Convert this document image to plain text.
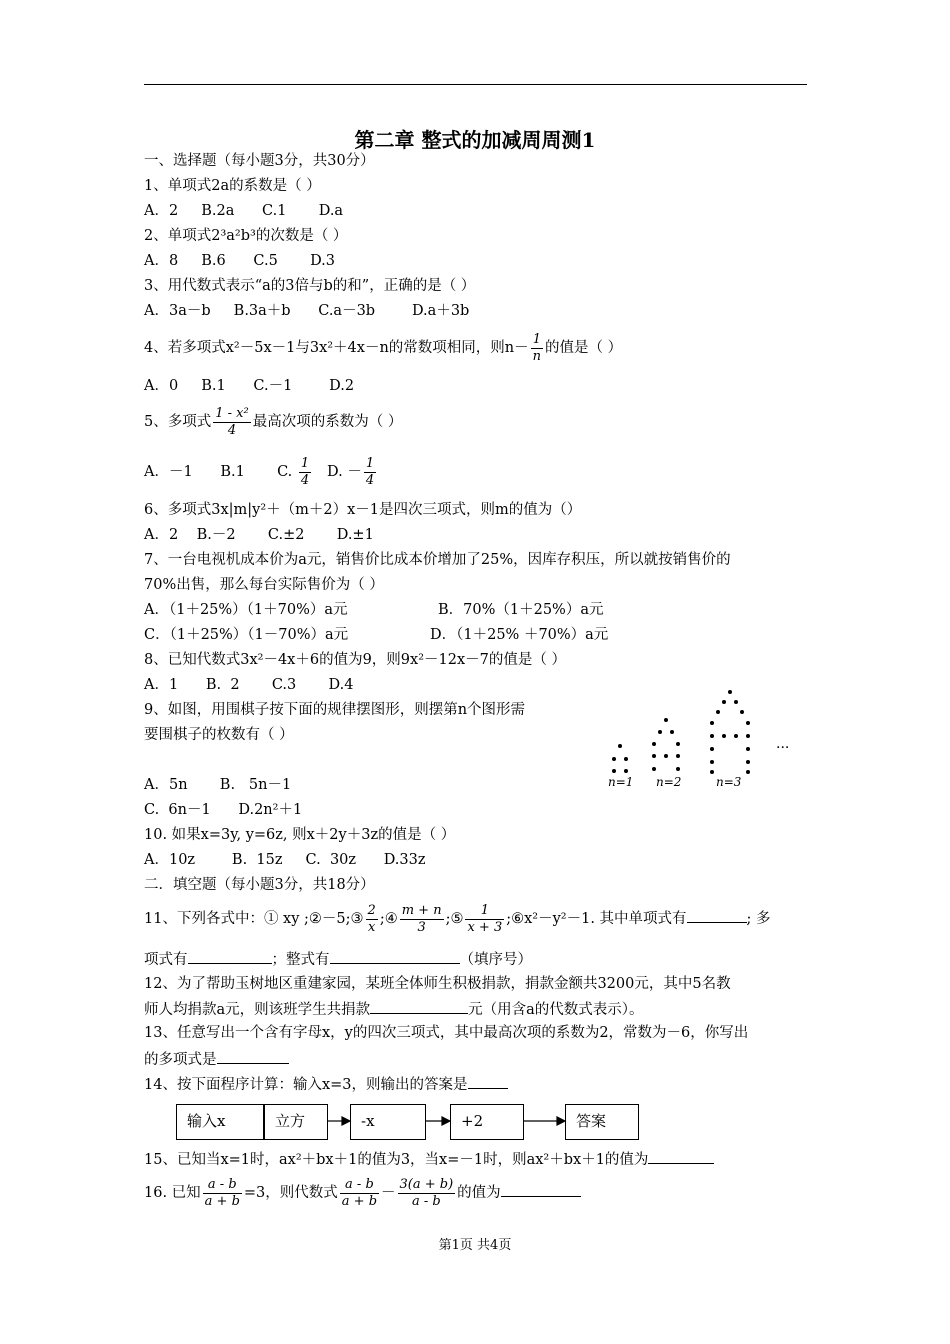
第二章 整式的加减周周测1
一、选择题（每小题3分，共30分）
1、单项式2a的系数是（ ）
A．2     B.2a      C.1       D.a
2、单项式2³a²b³的次数是（ ）
A．8     B.6      C.5       D.3
3、用代数式表示“a的3倍与b的和”，正确的是（ ）
A．3a－b     B.3a＋b      C.a－3b        D.a＋3b
4、若多项式x²－5x－1与3x²＋4x－n的常数项相同，则$n- \frac{1}{n}$ 的值是（ ）
A．0     B.1      C.－1        D.2
5、多项式 $\frac{\text{1 - x²}}{4}$ 最高次项的系数为（ ）
A．－1      B.1       C. $\frac{1}{4} D$. － $\frac{1}{4}$
6、多项式3x|m|y²＋（m＋2）x－1是四次三项式，则m的值为（）
A．2    B.－2       C.±2       D.±1
7、一台电视机成本价为a元，销售价比成本价增加了25%，因库存积压，所以就按销售价的
70%出售，那么每台实际售价为（ ）
A．（1＋25%）（1＋70%）a元	B．70%（1＋25%）a元
C．（1＋25%）（1－70%）a元	D．（1＋25% ＋70%）a元
8、已知代数式3x²－4x＋6的值为9，则9x²－12x－7的值是（ ）
A．1      B.  2       C.3       D.4
9、如图，用围棋子按下面的规律摆图形，则摆第n个图形需
要围棋子的枚数有（ ）
...
n=1 n=2	n=3
A．5n       B.   5n－1
C.  6n－1      D.2n²＋1
10. 如果x=3y, y=6z, 则x＋2y＋3z的值是（ ）
A．10z        B.  15z     C.  30z      D.33z
二．填空题（每小题3分，共18分）
11、下列各式中：① xy ;②－5;③ $\frac{2}{x}$ ;④ $\frac{m + n}{3}$ ;⑤ $\frac{1}{x + 3}$ ;⑥x²－y²－1. 其中单项式有	; 多
项式有	；整式有	（填序号）
12、为了帮助玉树地区重建家园，某班全体师生积极捐款，捐款金额共3200元，其中5名教
师人均捐款a元，则该班学生共捐款	元（用含a的代数式表示）。
13、任意写出一个含有字母x，y的四次三项式，其中最高次项的系数为2，常数为－6，你写出
的多项式是
14、按下面程序计算：输入x=3，则输出的答案是
输入x	立方	-x	+2	答案
15、已知当x=1时，ax²＋bx＋1的值为3，当x=－1时，则ax²＋bx＋1的值为
16. 已知 $\frac{a - b}{a + b} =3$，则代数式 $\frac{a - b}{a + b} - \frac{3(a + b)}{a - b}$ 的值为
第1页 共4页
